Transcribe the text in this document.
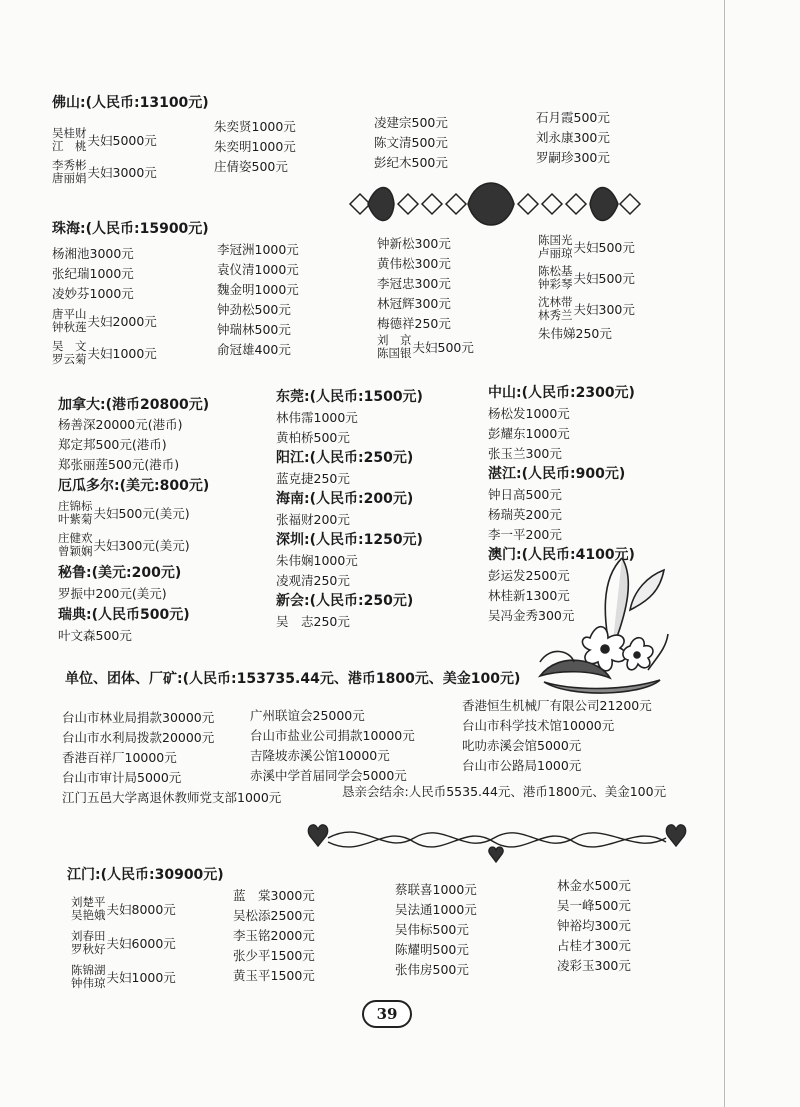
佛山:(人民币:13100元)
吴桂财
江　桃 夫妇5000元
李秀彬
唐丽娟 夫妇3000元
朱奕贤1000元
朱奕明1000元
庄倩姿500元
凌建宗500元
陈文清500元
彭纪木500元
石月霞500元
刘永康300元
罗嗣珍300元
珠海:(人民币:15900元)
杨湘池3000元
张纪瑞1000元
凌妙芬1000元
唐平山
钟秋莲 夫妇2000元
吴　文
罗云菊 夫妇1000元
李冠洲1000元
袁仪清1000元
魏金明1000元
钟劲松500元
钟瑞林500元
俞冠雄400元
钟新松300元
黄伟松300元
李冠忠300元
林冠辉300元
梅德祥250元
刘　京
陈国银 夫妇500元
陈国光
卢丽琼 夫妇500元
陈松基
钟彩琴 夫妇500元
沈林带
林秀兰 夫妇300元
朱伟娣250元
加拿大:(港币20800元)
杨善深20000元(港币)
郑定邦500元(港币)
郑张丽莲500元(港币)
厄瓜多尔:(美元:800元)
庄锦标
叶紫菊 夫妇500元(美元)
庄健欢
曾颖娴 夫妇300元(美元)
秘鲁:(美元:200元)
罗振中200元(美元)
瑞典:(人民币500元)
叶文森500元
东莞:(人民币:1500元)
林伟霈1000元
黄柏桥500元
阳江:(人民币:250元)
蓝克捷250元
海南:(人民币:200元)
张福财200元
深圳:(人民币:1250元)
朱伟娴1000元
凌观清250元
新会:(人民币:250元)
吴　志250元
中山:(人民币:2300元)
杨松发1000元
彭耀东1000元
张玉兰300元
湛江:(人民币:900元)
钟日高500元
杨瑞英200元
李一平200元
澳门:(人民币:4100元)
彭运发2500元
林桂新1300元
吴冯金秀300元
单位、团体、厂矿:(人民币:153735.44元、港币1800元、美金100元)
台山市林业局捐款30000元
台山市水利局拨款20000元
香港百祥厂10000元
台山市审计局5000元
江门五邑大学离退休教师党支部1000元
广州联谊会25000元
台山市盐业公司捐款10000元
吉隆坡赤溪公馆10000元
赤溪中学首届同学会5000元
香港恒生机械厂有限公司21200元
台山市科学技术馆10000元
叱叻赤溪会馆5000元
台山市公路局1000元
恳亲会结余:人民币5535.44元、港币1800元、美金100元
江门:(人民币:30900元)
刘楚平
吴艳娥 夫妇8000元
刘春田
罗秋好 夫妇6000元
陈锦湖
钟伟琼 夫妇1000元
蓝　棠3000元
吴松添2500元
李玉铭2000元
张少平1500元
黄玉平1500元
蔡联喜1000元
吴法通1000元
吴伟标500元
陈耀明500元
张伟房500元
林金水500元
吴一峰500元
钟裕均300元
占桂才300元
凌彩玉300元
39
